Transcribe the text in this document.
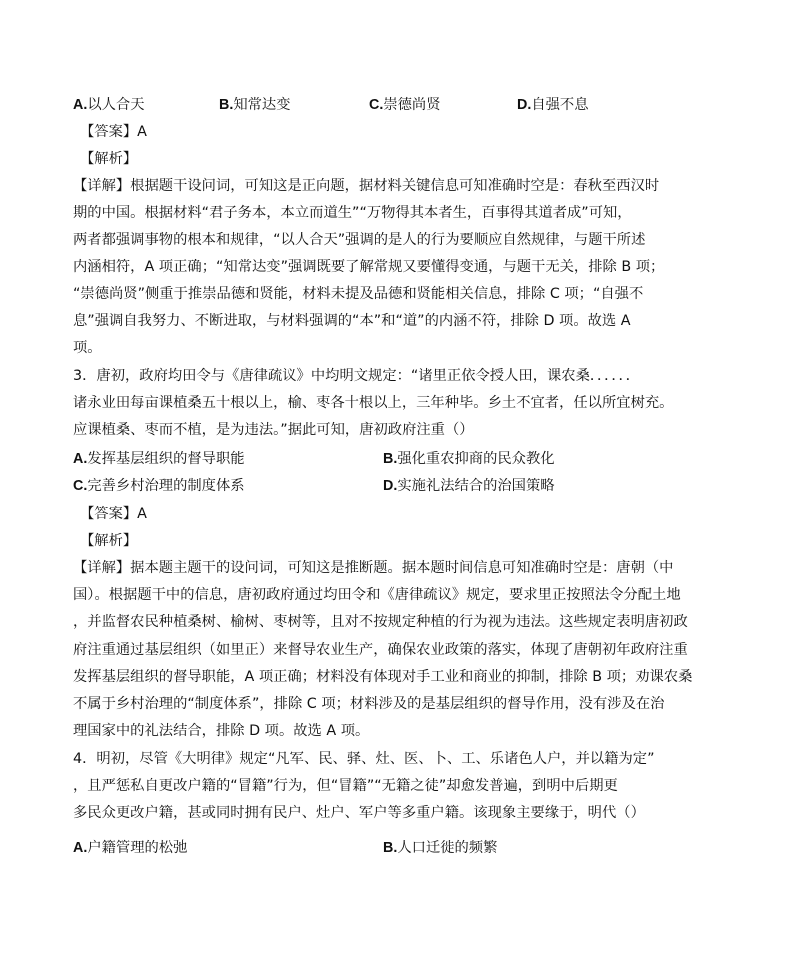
A.以人合天	B.知常达变	C.崇德尚贤	D.自强不息
【答案】A
【解析】
【详解】根据题干设问词，可知这是正向题，据材料关键信息可知准确时空是：春秋至西汉时
期的中国。根据材料“君子务本，本立而道生”“万物得其本者生，百事得其道者成”可知，
两者都强调事物的根本和规律，“以人合天”强调的是人的行为要顺应自然规律，与题干所述
内涵相符，A 项正确；“知常达变”强调既要了解常规又要懂得变通，与题干无关，排除 B 项；
“崇德尚贤”侧重于推崇品德和贤能，材料未提及品德和贤能相关信息，排除 C 项；“自强不
息”强调自我努力、不断进取，与材料强调的“本”和“道”的内涵不符，排除 D 项。故选 A
项。
3．唐初，政府均田令与《唐律疏议》中均明文规定：“诸里正依令授人田，课农桑．．．．．．
诸永业田每亩课植桑五十根以上，榆、枣各十根以上，三年种毕。乡土不宜者，任以所宜树充。
应课植桑、枣而不植，是为违法。”据此可知，唐初政府注重（）
A.发挥基层组织的督导职能	B.强化重农抑商的民众教化
C.完善乡村治理的制度体系	D.实施礼法结合的治国策略
【答案】A
【解析】
【详解】据本题主题干的设问词，可知这是推断题。据本题时间信息可知准确时空是：唐朝（中
国）。根据题干中的信息，唐初政府通过均田令和《唐律疏议》规定，要求里正按照法令分配土地
，并监督农民种植桑树、榆树、枣树等，且对不按规定种植的行为视为违法。这些规定表明唐初政
府注重通过基层组织（如里正）来督导农业生产，确保农业政策的落实，体现了唐朝初年政府注重
发挥基层组织的督导职能，A 项正确；材料没有体现对手工业和商业的抑制，排除 B 项；劝课农桑
不属于乡村治理的“制度体系”，排除 C 项；材料涉及的是基层组织的督导作用，没有涉及在治
理国家中的礼法结合，排除 D 项。故选 A 项。
4．明初，尽管《大明律》规定“凡军、民、驿、灶、医、卜、工、乐诸色人户，并以籍为定”
，且严惩私自更改户籍的“冒籍”行为，但“冒籍”“无籍之徒”却愈发普遍，到明中后期更
多民众更改户籍，甚或同时拥有民户、灶户、军户等多重户籍。该现象主要缘于，明代（）
A.户籍管理的松弛	B.人口迁徙的频繁
